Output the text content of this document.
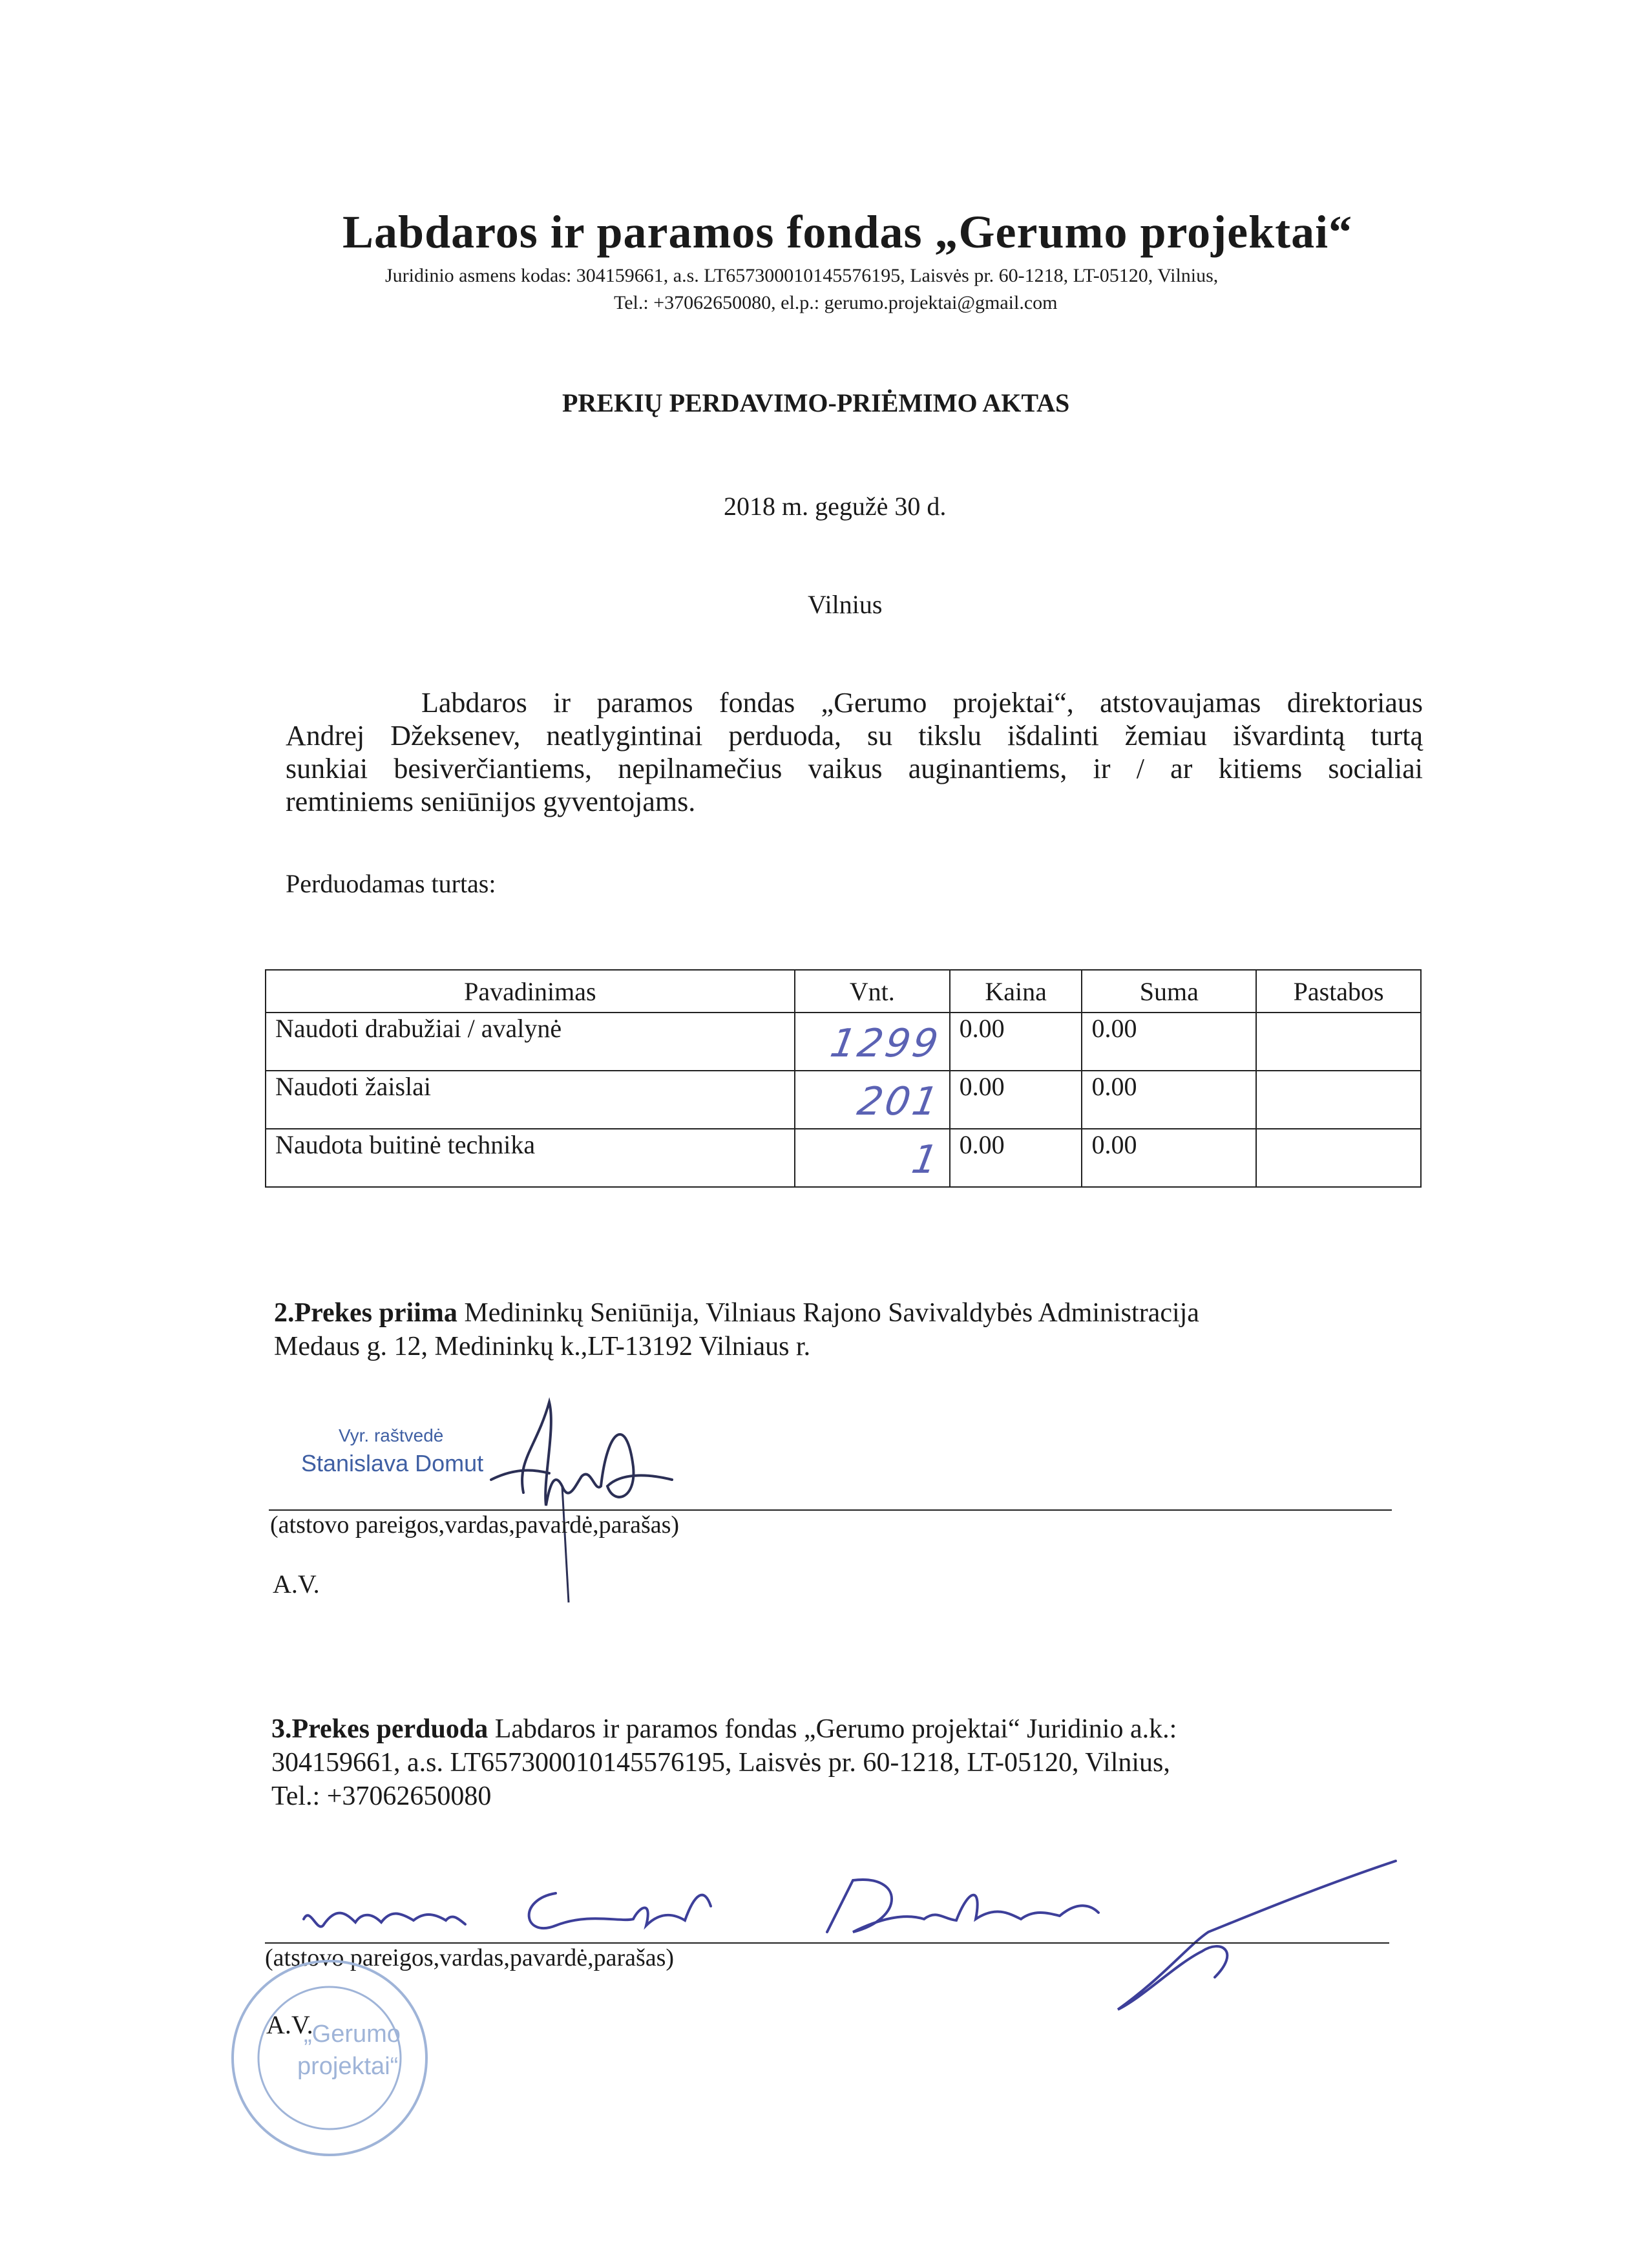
Labdaros ir paramos fondas „Gerumo projektai“
Juridinio asmens kodas: 304159661, a.s. LT657300010145576195, Laisvės pr. 60-1218, LT-05120, Vilnius,
Tel.: +37062650080, el.p.: gerumo.projektai@gmail.com
PREKIŲ PERDAVIMO-PRIĖMIMO AKTAS
2018 m. gegužė 30 d.
Vilnius

Labdaros ir paramos fondas „Gerumo projektai“, atstovaujamas direktoriaus

Andrej Džeksenev, neatlygintinai perduoda, su tikslu išdalinti žemiau išvardintą turtą

sunkiai besiverčiantiems, nepilnamečius vaikus auginantiems, ir / ar kitiems socialiai

remtiniems seniūnijos gyventojams.

Perduodamas turtas:
Pavadinimas	Vnt.	Kaina	Suma	Pastabos
Naudoti drabužiai / avalynė	1299	0.00	0.00	
Naudoti žaislai	201	0.00	0.00	
Naudota buitinė technika	1	0.00	0.00	
2.Prekes priima Medininkų Seniūnija, Vilniaus Rajono Savivaldybės Administracija
Medaus g. 12, Medininkų k.,LT-13192 Vilniaus r.
Vyr. raštvedė
Stanislava Domut
(atstovo pareigos,vardas,pavardė,parašas)
A.V.
3.Prekes perduoda Labdaros ir paramos fondas „Gerumo projektai“ Juridinio a.k.:
304159661, a.s. LT657300010145576195, Laisvės pr. 60-1218, LT-05120, Vilnius,
Tel.: +37062650080
(atstovo pareigos,vardas,pavardė,parašas)
„Gerumo
projektai“
A.V.
